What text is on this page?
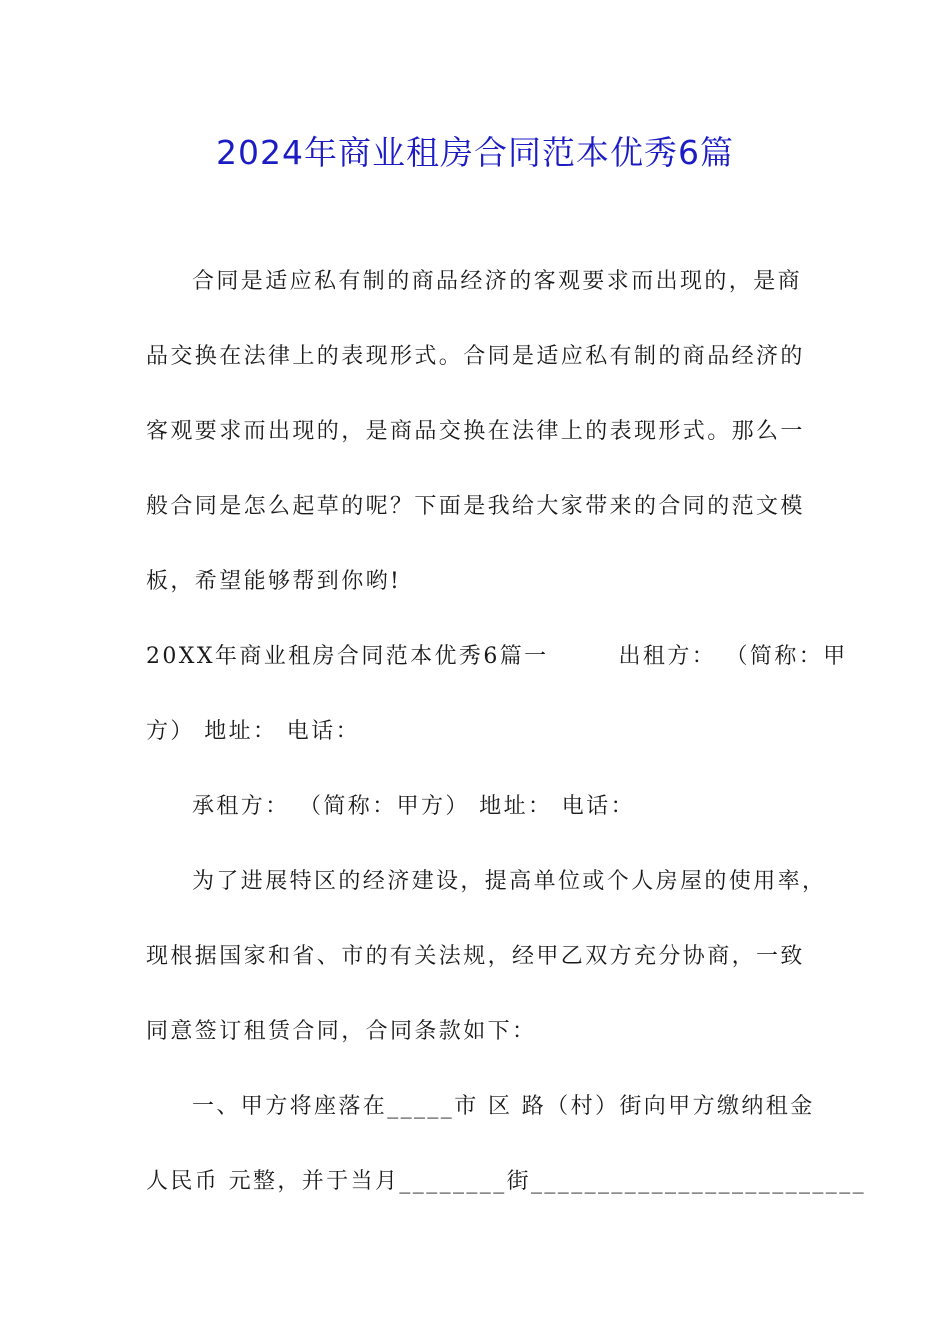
2024年商业租房合同范本优秀6篇
合同是适应私有制的商品经济的客观要求而出现的，是商
品交换在法律上的表现形式。合同是适应私有制的商品经济的
客观要求而出现的，是商品交换在法律上的表现形式。那么一
般合同是怎么起草的呢？下面是我给大家带来的合同的范文模
板，希望能够帮到你哟!
20XX年商业租房合同范本优秀6篇一	出租方： （简称：甲
方） 地址： 电话：
承租方： （简称：甲方） 地址： 电话：
为了进展特区的经济建设，提高单位或个人房屋的使用率，
现根据国家和省、市的有关法规，经甲乙双方充分协商，一致
同意签订租赁合同，合同条款如下：
一、甲方将座落在_____市 区 路（村）街向甲方缴纳租金
人民币 元整，并于当月________街_________________________
